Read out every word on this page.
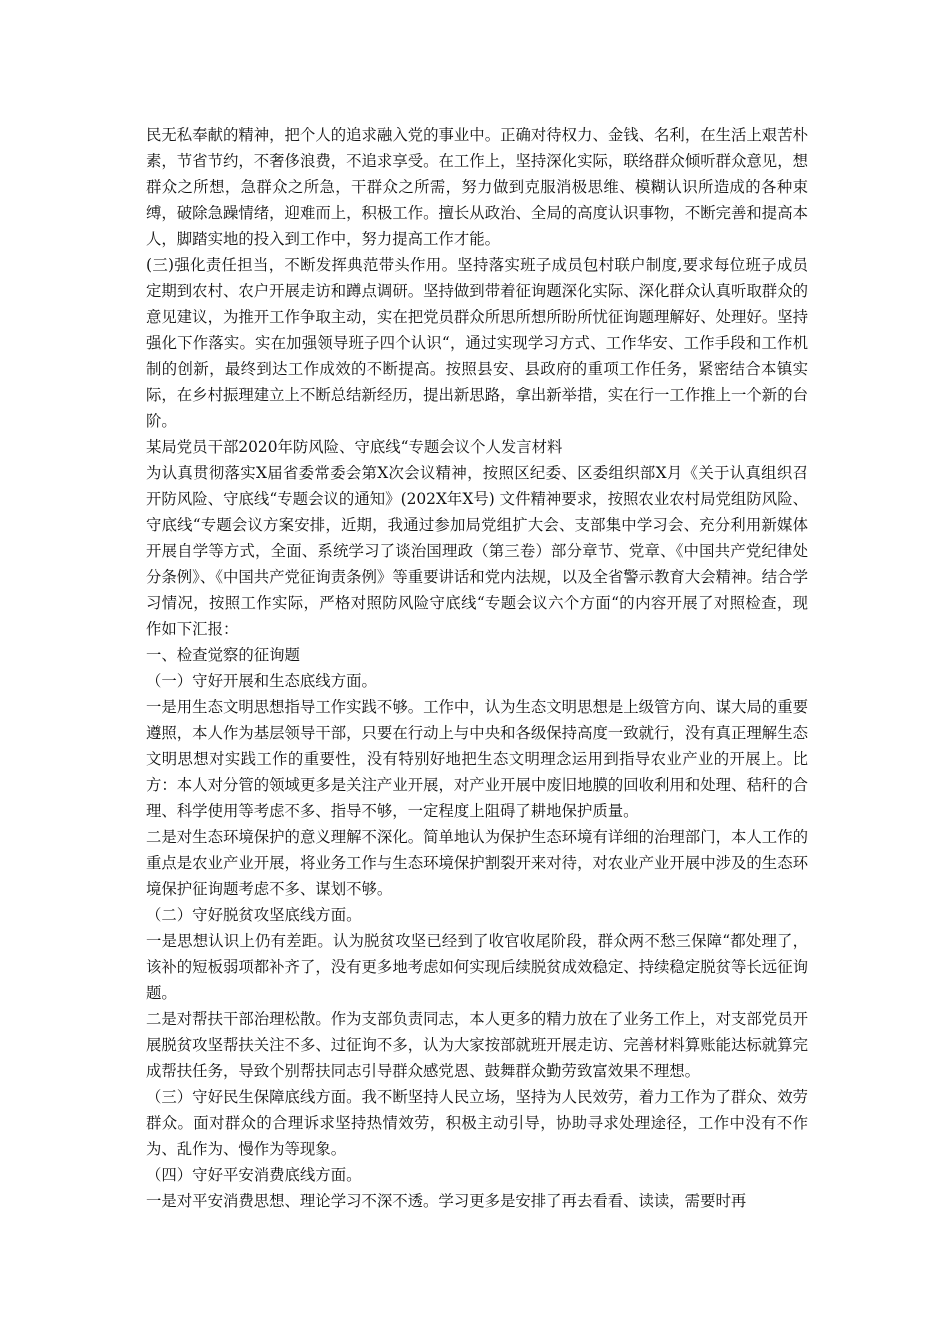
民无私奉献的精神，把个人的追求融入党的事业中。正确对待权力、金钱、名利，在生活上艰苦朴素，节省节约，不奢侈浪费，不追求享受。在工作上，坚持深化实际，联络群众倾听群众意见，想群众之所想，急群众之所急，干群众之所需，努力做到克服消极思维、模糊认识所造成的各种束缚，破除急躁情绪，迎难而上，积极工作。擅长从政治、全局的高度认识事物，不断完善和提高本人，脚踏实地的投入到工作中，努力提高工作才能。

(三)强化责任担当，不断发挥典范带头作用。坚持落实班子成员包村联户制度,要求每位班子成员定期到农村、农户开展走访和蹲点调研。坚持做到带着征询题深化实际、深化群众认真听取群众的意见建议，为推开工作争取主动，实在把党员群众所思所想所盼所忧征询题理解好、处理好。坚持强化下作落实。实在加强领导班子四个认识“，通过实现学习方式、工作华安、工作手段和工作机制的创新，最终到达工作成效的不断提高。按照县安、县政府的重项工作任务，紧密结合本镇实际，在乡村振理建立上不断总结新经历，提出新思路，拿出新举措，实在行一工作推上一个新的台阶。

某局党员干部2020年防风险、守底线“专题会议个人发言材料

为认真贯彻落实X届省委常委会第X次会议精神，按照区纪委、区委组织部X月《关于认真组织召开防风险、守底线“专题会议的通知》(202X年X号) 文件精神要求，按照农业农村局党组防风险、守底线“专题会议方案安排，近期，我通过参加局党组扩大会、支部集中学习会、充分利用新媒体开展自学等方式，全面、系统学习了谈治国理政（第三卷）部分章节、党章、《中国共产党纪律处分条例》、《中国共产党征询责条例》等重要讲话和党内法规，以及全省警示教育大会精神。结合学习情况，按照工作实际，严格对照防风险守底线“专题会议六个方面“的内容开展了对照检查，现作如下汇报：

一、检查觉察的征询题

（一）守好开展和生态底线方面。

一是用生态文明思想指导工作实践不够。工作中，认为生态文明思想是上级管方向、谋大局的重要遵照，本人作为基层领导干部，只要在行动上与中央和各级保持高度一致就行，没有真正理解生态文明思想对实践工作的重要性，没有特别好地把生态文明理念运用到指导农业产业的开展上。比方：本人对分管的领域更多是关注产业开展，对产业开展中废旧地膜的回收利用和处理、秸秆的合理、科学使用等考虑不多、指导不够，一定程度上阻碍了耕地保护质量。

二是对生态环境保护的意义理解不深化。简单地认为保护生态环境有详细的治理部门，本人工作的重点是农业产业开展，将业务工作与生态环境保护割裂开来对待，对农业产业开展中涉及的生态环境保护征询题考虑不多、谋划不够。

（二）守好脱贫攻坚底线方面。

一是思想认识上仍有差距。认为脱贫攻坚已经到了收官收尾阶段，群众两不愁三保障“都处理了，该补的短板弱项都补齐了，没有更多地考虑如何实现后续脱贫成效稳定、持续稳定脱贫等长远征询题。

二是对帮扶干部治理松散。作为支部负责同志，本人更多的精力放在了业务工作上，对支部党员开展脱贫攻坚帮扶关注不多、过征询不多，认为大家按部就班开展走访、完善材料算账能达标就算完成帮扶任务，导致个别帮扶同志引导群众感党恩、鼓舞群众勤劳致富效果不理想。

（三）守好民生保障底线方面。我不断坚持人民立场，坚持为人民效劳，着力工作为了群众、效劳群众。面对群众的合理诉求坚持热情效劳，积极主动引导，协助寻求处理途径，工作中没有不作为、乱作为、慢作为等现象。

（四）守好平安消费底线方面。

一是对平安消费思想、理论学习不深不透。学习更多是安排了再去看看、读读，需要时再
